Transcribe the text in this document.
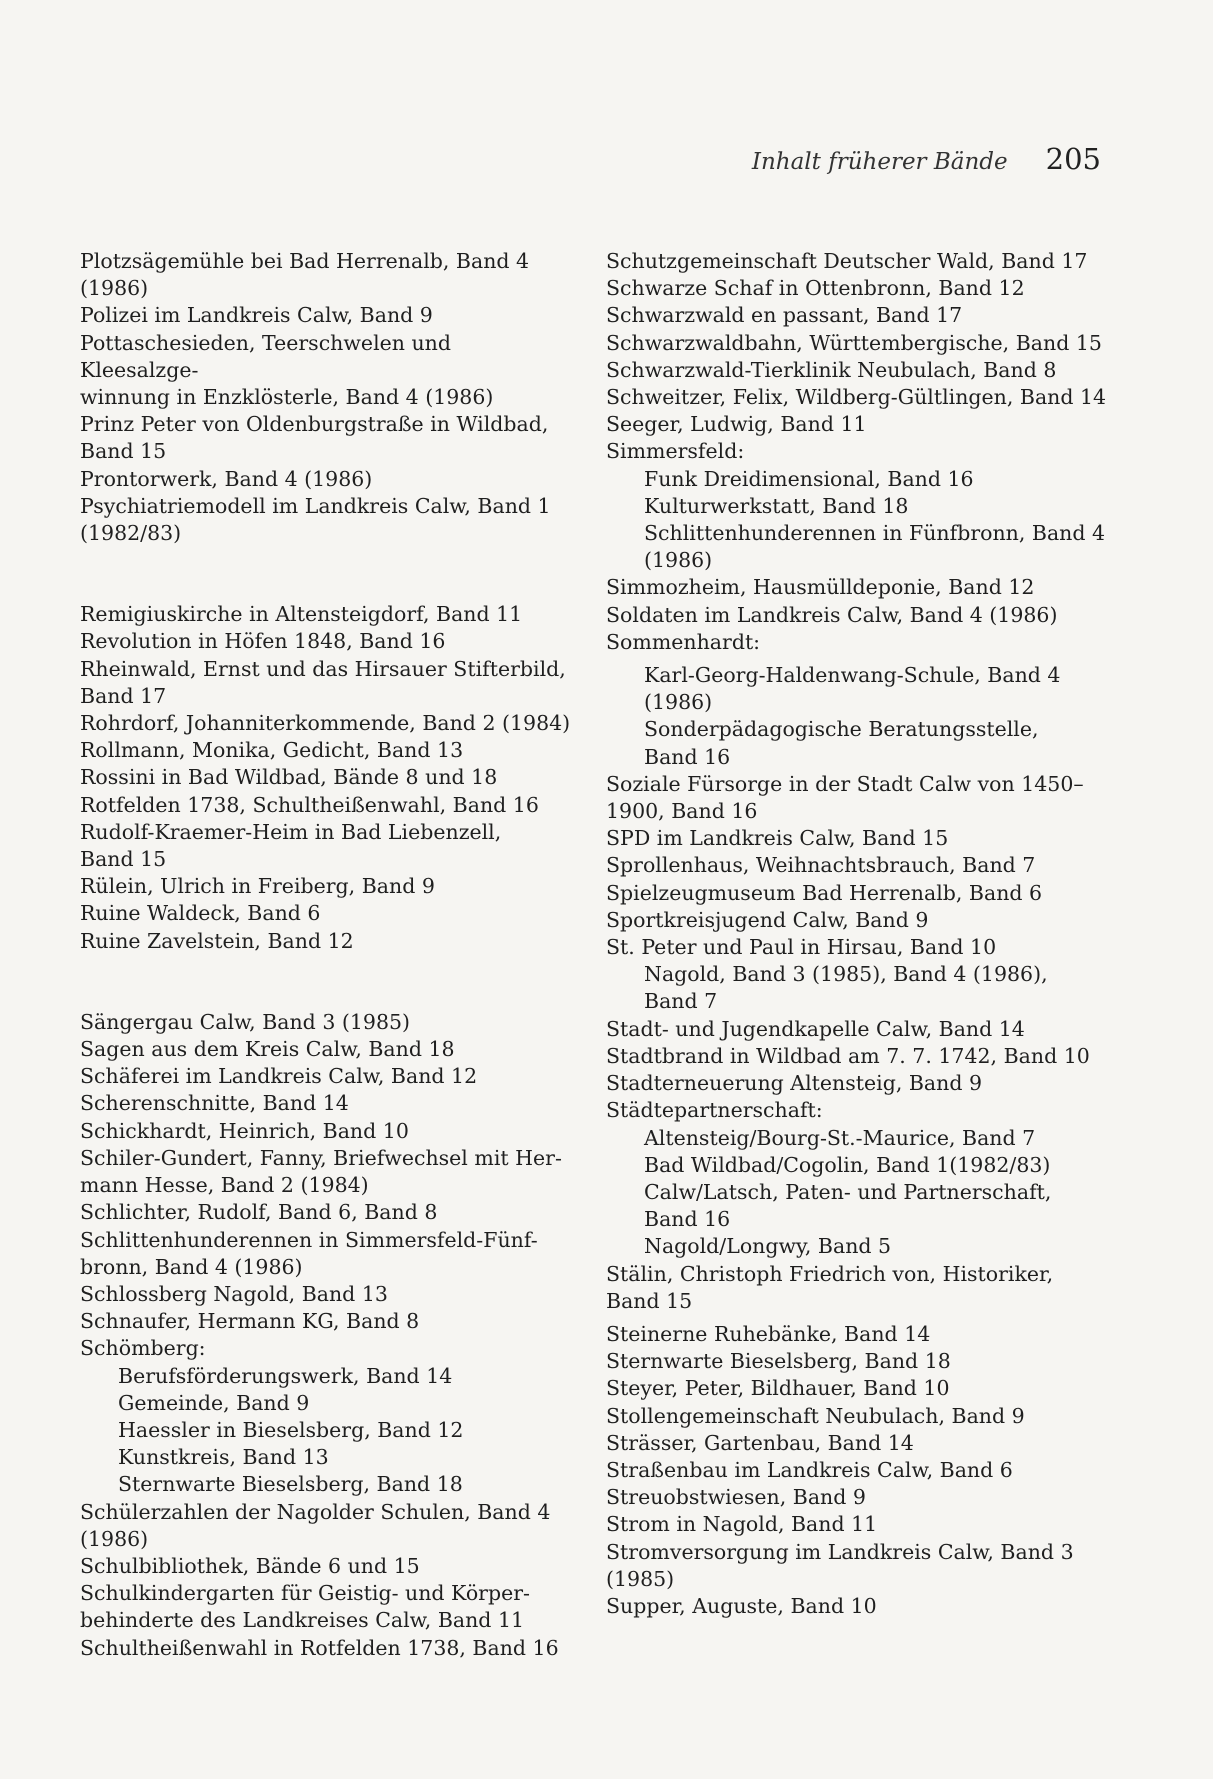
Inhalt früherer Bände 205
Plotzsägemühle bei Bad Herrenalb, Band 4
(1986)
Polizei im Landkreis Calw, Band 9
Pottaschesieden, Teerschwelen und Kleesalzge-
winnung in Enzklösterle, Band 4 (1986)
Prinz Peter von Oldenburgstraße in Wildbad,
Band 15
Prontorwerk, Band 4 (1986)
Psychiatriemodell im Landkreis Calw, Band 1
(1982/83)
Remigiuskirche in Altensteigdorf, Band 11
Revolution in Höfen 1848, Band 16
Rheinwald, Ernst und das Hirsauer Stifterbild,
Band 17
Rohrdorf, Johanniterkommende, Band 2 (1984)
Rollmann, Monika, Gedicht, Band 13
Rossini in Bad Wildbad, Bände 8 und 18
Rotfelden 1738, Schultheißenwahl, Band 16
Rudolf-Kraemer-Heim in Bad Liebenzell,
Band 15
Rülein, Ulrich in Freiberg, Band 9
Ruine Waldeck, Band 6
Ruine Zavelstein, Band 12
Sängergau Calw, Band 3 (1985)
Sagen aus dem Kreis Calw, Band 18
Schäferei im Landkreis Calw, Band 12
Scherenschnitte, Band 14
Schickhardt, Heinrich, Band 10
Schiler-Gundert, Fanny, Briefwechsel mit Her-
mann Hesse, Band 2 (1984)
Schlichter, Rudolf, Band 6, Band 8
Schlittenhunderennen in Simmersfeld-Fünf-
bronn, Band 4 (1986)
Schlossberg Nagold, Band 13
Schnaufer, Hermann KG, Band 8
Schömberg:
Berufsförderungswerk, Band 14
Gemeinde, Band 9
Haessler in Bieselsberg, Band 12
Kunstkreis, Band 13
Sternwarte Bieselsberg, Band 18
Schülerzahlen der Nagolder Schulen, Band 4
(1986)
Schulbibliothek, Bände 6 und 15
Schulkindergarten für Geistig- und Körper-
behinderte des Landkreises Calw, Band 11
Schultheißenwahl in Rotfelden 1738, Band 16
Schutzgemeinschaft Deutscher Wald, Band 17
Schwarze Schaf in Ottenbronn, Band 12
Schwarzwald en passant, Band 17
Schwarzwaldbahn, Württembergische, Band 15
Schwarzwald-Tierklinik Neubulach, Band 8
Schweitzer, Felix, Wildberg-Gültlingen, Band 14
Seeger, Ludwig, Band 11
Simmersfeld:
Funk Dreidimensional, Band 16
Kulturwerkstatt, Band 18
Schlittenhunderennen in Fünfbronn, Band 4
(1986)
Simmozheim, Hausmülldeponie, Band 12
Soldaten im Landkreis Calw, Band 4 (1986)
Sommenhardt:
Karl-Georg-Haldenwang-Schule, Band 4
(1986)
Sonderpädagogische Beratungsstelle,
Band 16
Soziale Fürsorge in der Stadt Calw von 1450–
1900, Band 16
SPD im Landkreis Calw, Band 15
Sprollenhaus, Weihnachtsbrauch, Band 7
Spielzeugmuseum Bad Herrenalb, Band 6
Sportkreisjugend Calw, Band 9
St. Peter und Paul in Hirsau, Band 10
Nagold, Band 3 (1985), Band 4 (1986),
Band 7
Stadt- und Jugendkapelle Calw, Band 14
Stadtbrand in Wildbad am 7. 7. 1742, Band 10
Stadterneuerung Altensteig, Band 9
Städtepartnerschaft:
Altensteig/Bourg-St.-Maurice, Band 7
Bad Wildbad/Cogolin, Band 1(1982/83)
Calw/Latsch, Paten- und Partnerschaft,
Band 16
Nagold/Longwy, Band 5
Stälin, Christoph Friedrich von, Historiker,
Band 15
Steinerne Ruhebänke, Band 14
Sternwarte Bieselsberg, Band 18
Steyer, Peter, Bildhauer, Band 10
Stollengemeinschaft Neubulach, Band 9
Strässer, Gartenbau, Band 14
Straßenbau im Landkreis Calw, Band 6
Streuobstwiesen, Band 9
Strom in Nagold, Band 11
Stromversorgung im Landkreis Calw, Band 3
(1985)
Supper, Auguste, Band 10
